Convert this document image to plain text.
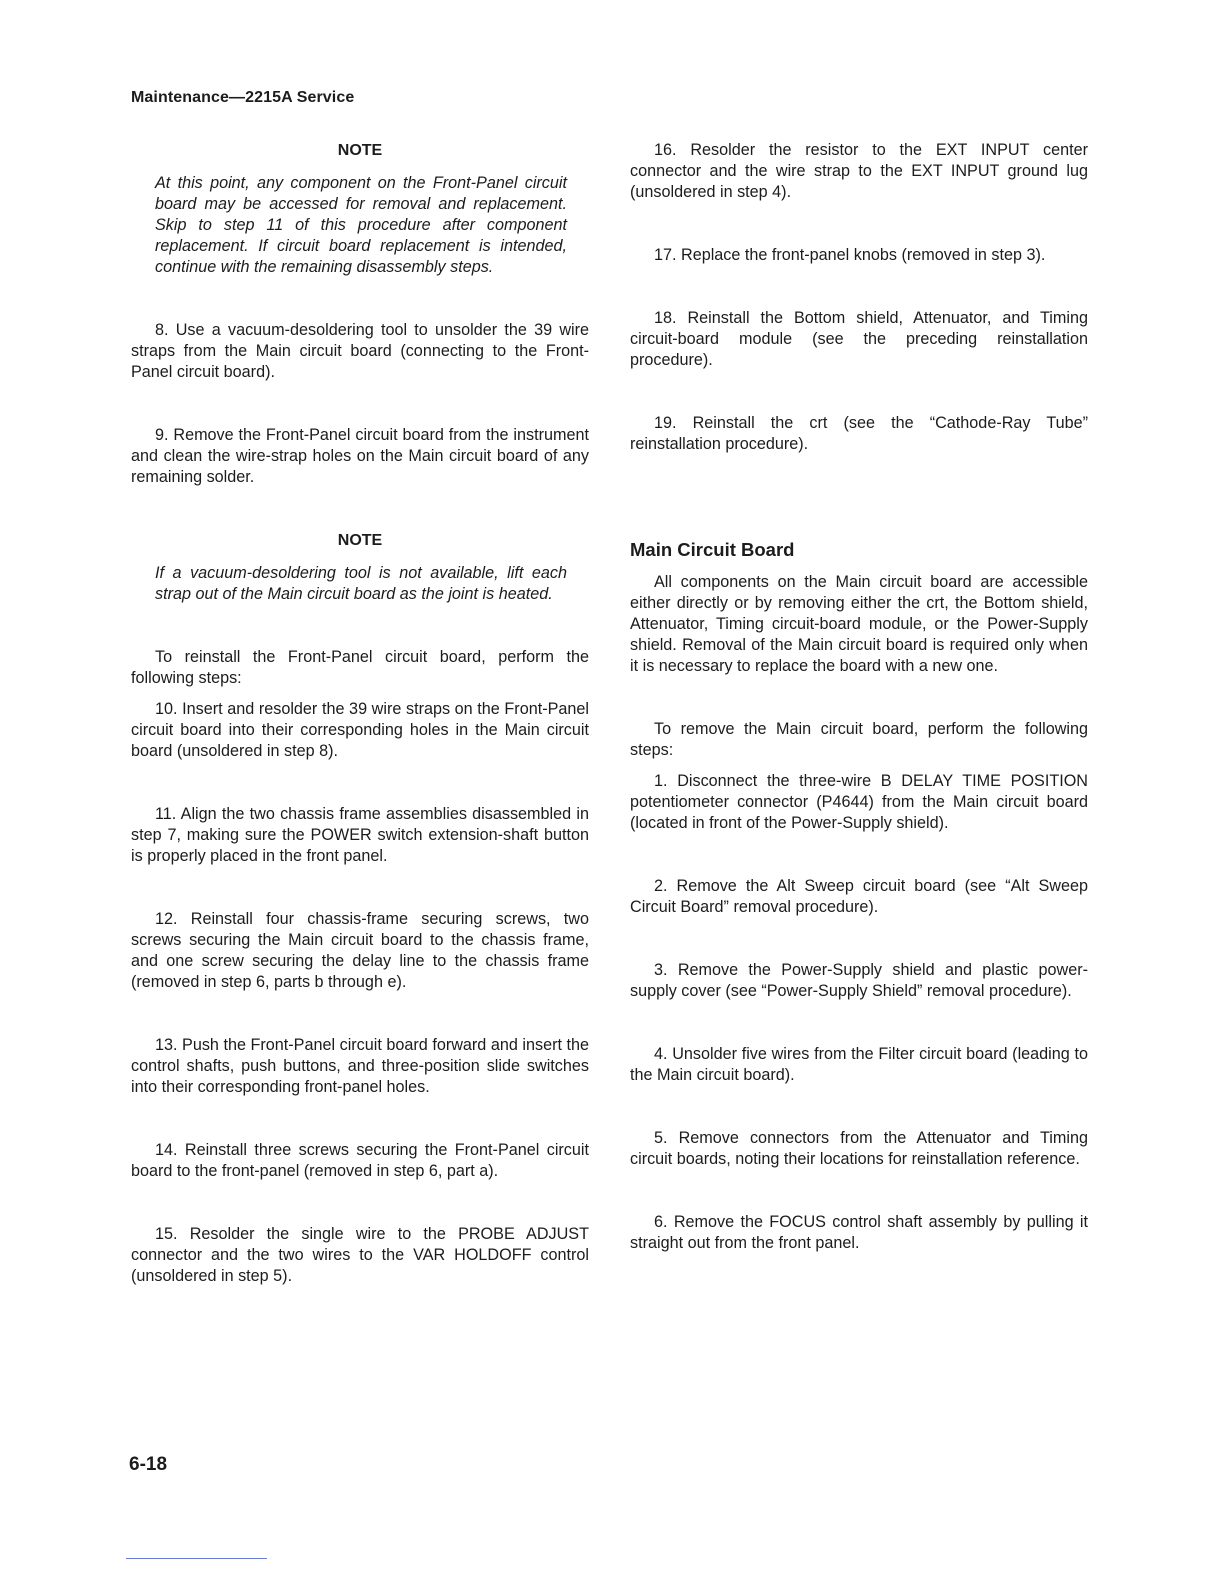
Maintenance—2215A Service
NOTE
At this point, any component on the Front-Panel circuit board may be accessed for removal and replacement. Skip to step 11 of this procedure after component replacement. If circuit board replacement is intended, continue with the remaining disassembly steps.

8. Use a vacuum-desoldering tool to unsolder the 39 wire straps from the Main circuit board (connecting to the Front-Panel circuit board).

9. Remove the Front-Panel circuit board from the instrument and clean the wire-strap holes on the Main circuit board of any remaining solder.

NOTE
If a vacuum-desoldering tool is not available, lift each strap out of the Main circuit board as the joint is heated.

To reinstall the Front-Panel circuit board, perform the following steps:

10. Insert and resolder the 39 wire straps on the Front-Panel circuit board into their corresponding holes in the Main circuit board (unsoldered in step 8).

11. Align the two chassis frame assemblies disassembled in step 7, making sure the POWER switch extension-shaft button is properly placed in the front panel.

12. Reinstall four chassis-frame securing screws, two screws securing the Main circuit board to the chassis frame, and one screw securing the delay line to the chassis frame (removed in step 6, parts b through e).

13. Push the Front-Panel circuit board forward and insert the control shafts, push buttons, and three-position slide switches into their corresponding front-panel holes.

14. Reinstall three screws securing the Front-Panel circuit board to the front-panel (removed in step 6, part a).

15. Resolder the single wire to the PROBE ADJUST connector and the two wires to the VAR HOLDOFF control (unsoldered in step 5).

16. Resolder the resistor to the EXT INPUT center connector and the wire strap to the EXT INPUT ground lug (unsoldered in step 4).

17. Replace the front-panel knobs (removed in step 3).

18. Reinstall the Bottom shield, Attenuator, and Timing circuit-board module (see the preceding reinstallation procedure).

19. Reinstall the crt (see the “Cathode-Ray Tube” reinstallation procedure).

Main Circuit Board

All components on the Main circuit board are accessible either directly or by removing either the crt, the Bottom shield, Attenuator, Timing circuit-board module, or the Power-Supply shield. Removal of the Main circuit board is required only when it is necessary to replace the board with a new one.

To remove the Main circuit board, perform the following steps:

1. Disconnect the three-wire B DELAY TIME POSITION potentiometer connector (P4644) from the Main circuit board (located in front of the Power-Supply shield).

2. Remove the Alt Sweep circuit board (see “Alt Sweep Circuit Board” removal procedure).

3. Remove the Power-Supply shield and plastic power-supply cover (see “Power-Supply Shield” removal procedure).

4. Unsolder five wires from the Filter circuit board (leading to the Main circuit board).

5. Remove connectors from the Attenuator and Timing circuit boards, noting their locations for reinstallation reference.

6. Remove the FOCUS control shaft assembly by pulling it straight out from the front panel.

6-18
